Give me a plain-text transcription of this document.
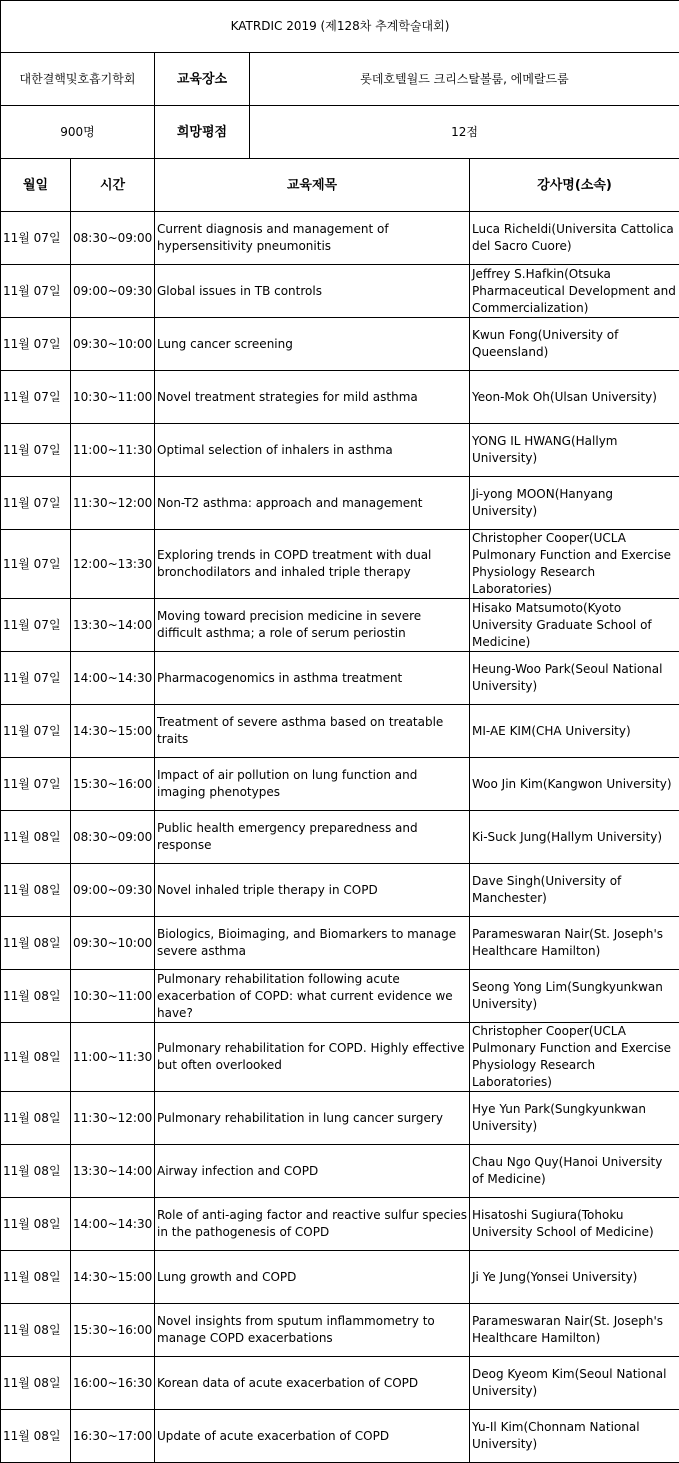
KATRDIC 2019 (제128차 추계학술대회)				
대한결핵및호흡기학회		교육장소	롯데호텔월드 크리스탈볼룸, 에메랄드룸	
900명		희망평점	12점	
월일	시간	교육제목		강사명(소속)
11월 07일	08:30~09:00	Current diagnosis and management of hypersensitivity pneumonitis		Luca Richeldi(Universita Cattolica del Sacro Cuore)
11월 07일	09:00~09:30	Global issues in TB controls		Jeffrey S.Hafkin(Otsuka Pharmaceutical Development and Commercialization)
11월 07일	09:30~10:00	Lung cancer screening		Kwun Fong(University of Queensland)
11월 07일	10:30~11:00	Novel treatment strategies for mild asthma		Yeon-Mok Oh(Ulsan University)
11월 07일	11:00~11:30	Optimal selection of inhalers in asthma		YONG IL HWANG(Hallym University)
11월 07일	11:30~12:00	Non-T2 asthma: approach and management		Ji-yong MOON(Hanyang University)
11월 07일	12:00~13:30	Exploring trends in COPD treatment with dual bronchodilators and inhaled triple therapy		Christopher Cooper(UCLA Pulmonary Function and Exercise Physiology Research Laboratories)
11월 07일	13:30~14:00	Moving toward precision medicine in severe difficult asthma; a role of serum periostin		Hisako Matsumoto(Kyoto University Graduate School of Medicine)
11월 07일	14:00~14:30	Pharmacogenomics in asthma treatment		Heung-Woo Park(Seoul National University)
11월 07일	14:30~15:00	Treatment of severe asthma based on treatable traits		MI-AE KIM(CHA University)
11월 07일	15:30~16:00	Impact of air pollution on lung function and imaging phenotypes		Woo Jin Kim(Kangwon University)
11월 08일	08:30~09:00	Public health emergency preparedness and response		Ki-Suck Jung(Hallym University)
11월 08일	09:00~09:30	Novel inhaled triple therapy in COPD		Dave Singh(University of Manchester)
11월 08일	09:30~10:00	Biologics, Bioimaging, and Biomarkers to manage severe asthma		Parameswaran Nair(St. Joseph's Healthcare Hamilton)
11월 08일	10:30~11:00	Pulmonary rehabilitation following acute exacerbation of COPD: what current evidence we have?		Seong Yong Lim(Sungkyunkwan University)
11월 08일	11:00~11:30	Pulmonary rehabilitation for COPD. Highly effective but often overlooked		Christopher Cooper(UCLA Pulmonary Function and Exercise Physiology Research Laboratories)
11월 08일	11:30~12:00	Pulmonary rehabilitation in lung cancer surgery		Hye Yun Park(Sungkyunkwan University)
11월 08일	13:30~14:00	Airway infection and COPD		Chau Ngo Quy(Hanoi University of Medicine)
11월 08일	14:00~14:30	Role of anti-aging factor and reactive sulfur species in the pathogenesis of COPD		Hisatoshi Sugiura(Tohoku University School of Medicine)
11월 08일	14:30~15:00	Lung growth and COPD		Ji Ye Jung(Yonsei University)
11월 08일	15:30~16:00	Novel insights from sputum inflammometry to manage COPD exacerbations		Parameswaran Nair(St. Joseph's Healthcare Hamilton)
11월 08일	16:00~16:30	Korean data of acute exacerbation of COPD		Deog Kyeom Kim(Seoul National University)
11월 08일	16:30~17:00	Update of acute exacerbation of COPD		Yu-Il Kim(Chonnam National University)
